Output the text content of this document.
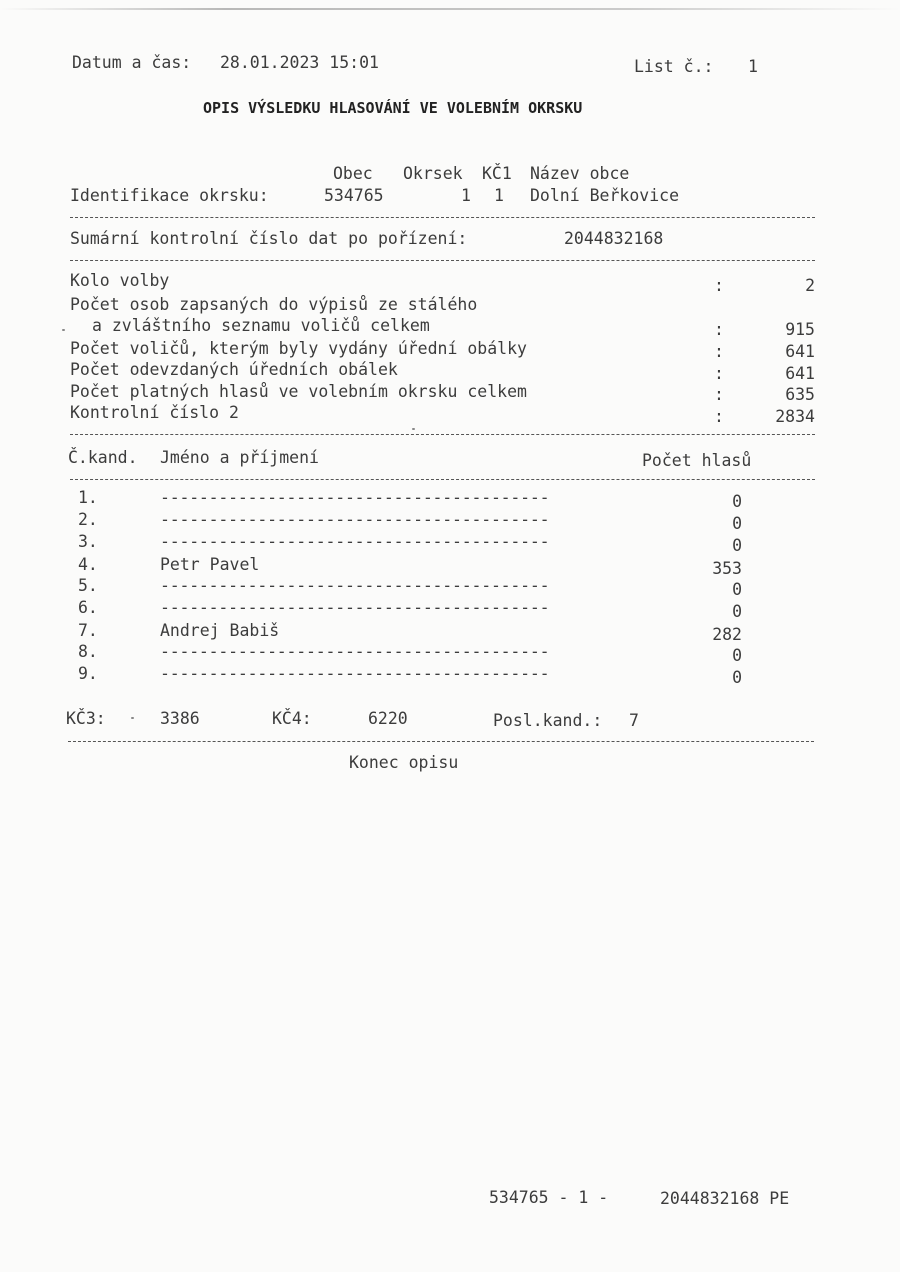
Datum a čas: 28.01.2023 15:01	List č.: 1
OPIS VÝSLEDKU HLASOVÁNÍ VE VOLEBNÍM OKRSKU
Obec Okrsek KČ1 Název obce
Identifikace okrsku:	534765	1 1 Dolní Beřkovice
Sumární kontrolní číslo dat po pořízení:	2044832168
Kolo volby	:	2
Počet osob zapsaných do výpisů ze stálého
a zvláštního seznamu voličů celkem	:	915
Počet voličů, kterým byly vydány úřední obálky	:	641
Počet odevzdaných úředních obálek	:	641
Počet platných hlasů ve volebním okrsku celkem	:	635
Kontrolní číslo 2	:	2834
Č.kand. Jméno a příjmení	Počet hlasů
1.	----------------------------------------	0
2.	----------------------------------------	0
3.	----------------------------------------	0
4.	Petr Pavel	353
5.	----------------------------------------	0
6.	----------------------------------------	0
7.	Andrej Babiš	282
8.	----------------------------------------	0
9.	----------------------------------------	0
KČ3:	3386	KČ4:	6220	Posl.kand.: 7
Konec opisu
534765 - 1 -	2044832168 PE
